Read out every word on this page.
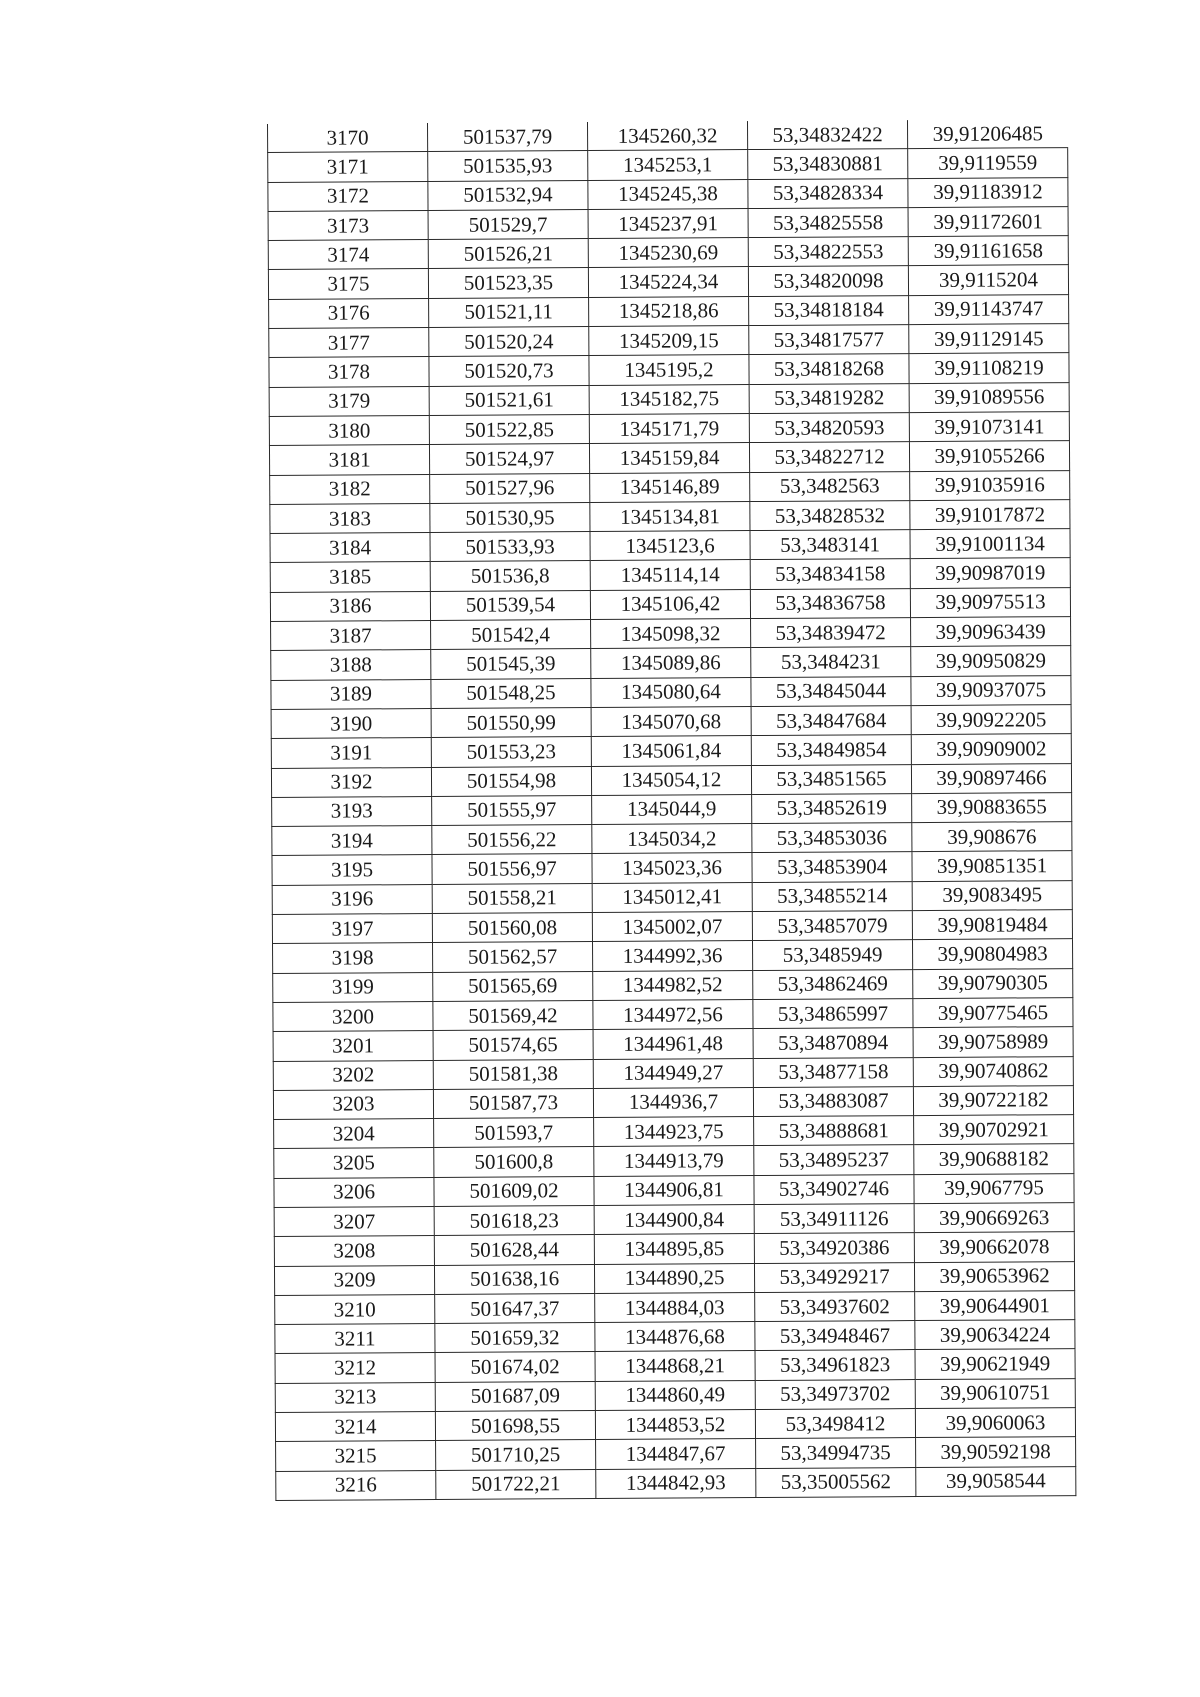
3170	501537,79	1345260,32	53,34832422	39,91206485
3171	501535,93	1345253,1	53,34830881	39,9119559
3172	501532,94	1345245,38	53,34828334	39,91183912
3173	501529,7	1345237,91	53,34825558	39,91172601
3174	501526,21	1345230,69	53,34822553	39,91161658
3175	501523,35	1345224,34	53,34820098	39,9115204
3176	501521,11	1345218,86	53,34818184	39,91143747
3177	501520,24	1345209,15	53,34817577	39,91129145
3178	501520,73	1345195,2	53,34818268	39,91108219
3179	501521,61	1345182,75	53,34819282	39,91089556
3180	501522,85	1345171,79	53,34820593	39,91073141
3181	501524,97	1345159,84	53,34822712	39,91055266
3182	501527,96	1345146,89	53,3482563	39,91035916
3183	501530,95	1345134,81	53,34828532	39,91017872
3184	501533,93	1345123,6	53,3483141	39,91001134
3185	501536,8	1345114,14	53,34834158	39,90987019
3186	501539,54	1345106,42	53,34836758	39,90975513
3187	501542,4	1345098,32	53,34839472	39,90963439
3188	501545,39	1345089,86	53,3484231	39,90950829
3189	501548,25	1345080,64	53,34845044	39,90937075
3190	501550,99	1345070,68	53,34847684	39,90922205
3191	501553,23	1345061,84	53,34849854	39,90909002
3192	501554,98	1345054,12	53,34851565	39,90897466
3193	501555,97	1345044,9	53,34852619	39,90883655
3194	501556,22	1345034,2	53,34853036	39,908676
3195	501556,97	1345023,36	53,34853904	39,90851351
3196	501558,21	1345012,41	53,34855214	39,9083495
3197	501560,08	1345002,07	53,34857079	39,90819484
3198	501562,57	1344992,36	53,3485949	39,90804983
3199	501565,69	1344982,52	53,34862469	39,90790305
3200	501569,42	1344972,56	53,34865997	39,90775465
3201	501574,65	1344961,48	53,34870894	39,90758989
3202	501581,38	1344949,27	53,34877158	39,90740862
3203	501587,73	1344936,7	53,34883087	39,90722182
3204	501593,7	1344923,75	53,34888681	39,90702921
3205	501600,8	1344913,79	53,34895237	39,90688182
3206	501609,02	1344906,81	53,34902746	39,9067795
3207	501618,23	1344900,84	53,34911126	39,90669263
3208	501628,44	1344895,85	53,34920386	39,90662078
3209	501638,16	1344890,25	53,34929217	39,90653962
3210	501647,37	1344884,03	53,34937602	39,90644901
3211	501659,32	1344876,68	53,34948467	39,90634224
3212	501674,02	1344868,21	53,34961823	39,90621949
3213	501687,09	1344860,49	53,34973702	39,90610751
3214	501698,55	1344853,52	53,3498412	39,9060063
3215	501710,25	1344847,67	53,34994735	39,90592198
3216	501722,21	1344842,93	53,35005562	39,9058544
